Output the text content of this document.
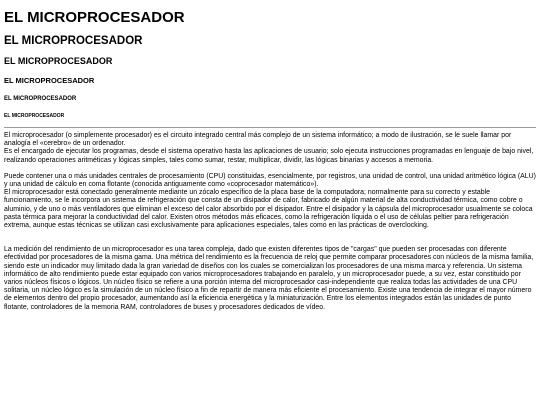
EL MICROPROCESADOR
EL MICROPROCESADOR
EL MICROPROCESADOR
EL MICROPROCESADOR
EL MICROPROCESADOR
EL MICROPROCESADOR

El microprocesador (o simplemente procesador) es el circuito integrado central más complejo de un sistema informático; a modo de ilustración, se le suele llamar por analogía el «cerebro» de un ordenador.

Es el encargado de ejecutar los programas, desde el sistema operativo hasta las aplicaciones de usuario; solo ejecuta instrucciones programadas en lenguaje de bajo nivel, realizando operaciones aritméticas y lógicas simples, tales como sumar, restar, multiplicar, dividir, las lógicas binarias y accesos a memoria.

Puede contener una o más unidades centrales de procesamiento (CPU) constituidas, esencialmente, por registros, una unidad de control, una unidad aritmético lógica (ALU) y una unidad de cálculo en coma flotante (conocida antiguamente como «coprocesador matemático»).

El microprocesador está conectado generalmente mediante un zócalo específico de la placa base de la computadora; normalmente para su correcto y estable funcionamiento, se le incorpora un sistema de refrigeración que consta de un disipador de calor, fabricado de algún material de alta conductividad térmica, como cobre o aluminio, y de uno o más ventiladores que eliminan el exceso del calor absorbido por el disipador. Entre el disipador y la cápsula del microprocesador usualmente se coloca pasta térmica para mejorar la conductividad del calor. Existen otros métodos más eficaces, como la refrigeración líquida o el uso de células peltier para refrigeración extrema, aunque estas técnicas se utilizan casi exclusivamente para aplicaciones especiales, tales como en las prácticas de overclocking.

La medición del rendimiento de un microprocesador es una tarea compleja, dado que existen diferentes tipos de "cargas" que pueden ser procesadas con diferente efectividad por procesadores de la misma gama. Una métrica del rendimiento es la frecuencia de reloj que permite comparar procesadores con núcleos de la misma familia, siendo este un indicador muy limitado dada la gran variedad de diseños con los cuales se comercializan los procesadores de una misma marca y referencia. Un sistema informático de alto rendimiento puede estar equipado con varios microprocesadores trabajando en paralelo, y un microprocesador puede, a su vez, estar constituido por varios núcleos físicos o lógicos. Un núcleo físico se refiere a una porción interna del microprocesador casi-independiente que realiza todas las actividades de una CPU solitaria, un núcleo lógico es la simulación de un núcleo físico a fin de repartir de manera más eficiente el procesamiento. Existe una tendencia de integrar el mayor número de elementos dentro del propio procesador, aumentando así la eficiencia energética y la miniaturización. Entre los elementos integrados están las unidades de punto flotante, controladores de la memoria RAM, controladores de buses y procesadores dedicados de vídeo.
